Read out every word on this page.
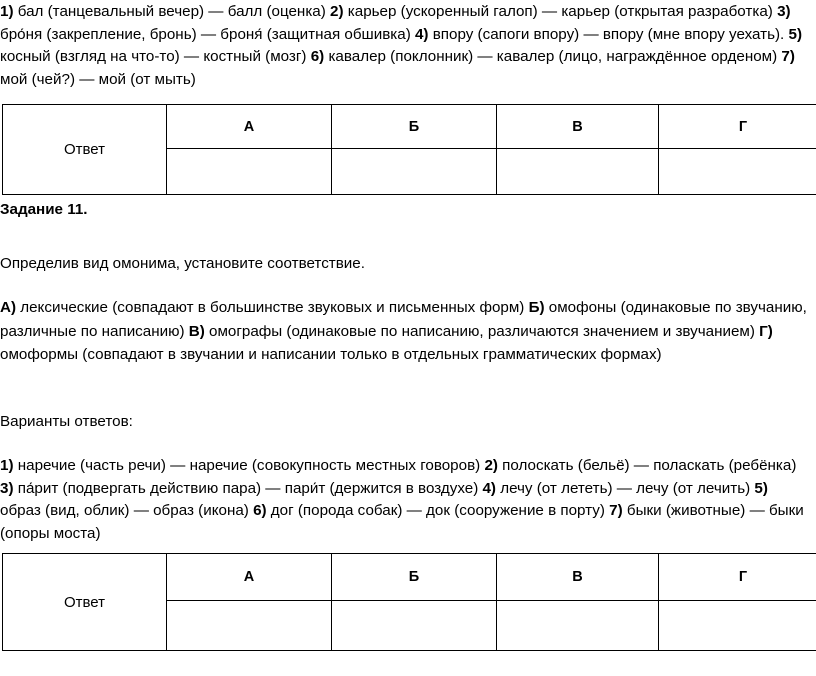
1) бал (танцевальный вечер) — балл (оценка) 2) карьер (ускоренный галоп) — карьер (открытая разработка) 3) бро́ня (закрепление, бронь) — броня́ (защитная обшивка) 4) впору (сапоги впору) — впору (мне впору уехать). 5) косный (взгляд на что-то) — костный (мозг) 6) кавалер (поклонник) — кавалер (лицо, награждённое орденом) 7) мой (чей?) — мой (от мыть)
Ответ	А	Б	В	Г

Задание 11.
Определив вид омонима, установите соответствие.
А) лексические (совпадают в большинстве звуковых и письменных форм) Б) омофоны (одинаковые по звучанию, различные по написанию) В) омографы (одинаковые по написанию, различаются значением и звучанием) Г) омоформы (совпадают в звучании и написании только в отдельных грамматических формах)
Варианты ответов:
1) наречие (часть речи) — наречие (совокупность местных говоров) 2) полоскать (бельё) — поласкать (ребёнка) 3) па́рит (подвергать действию пара) — пари́т (держится в воздухе) 4) лечу (от лететь) — лечу (от лечить) 5) образ (вид, облик) — образ (икона) 6) дог (порода собак) — док (сооружение в порту) 7) быки (животные) — быки (опоры моста)
Ответ	А	Б	В	Г
